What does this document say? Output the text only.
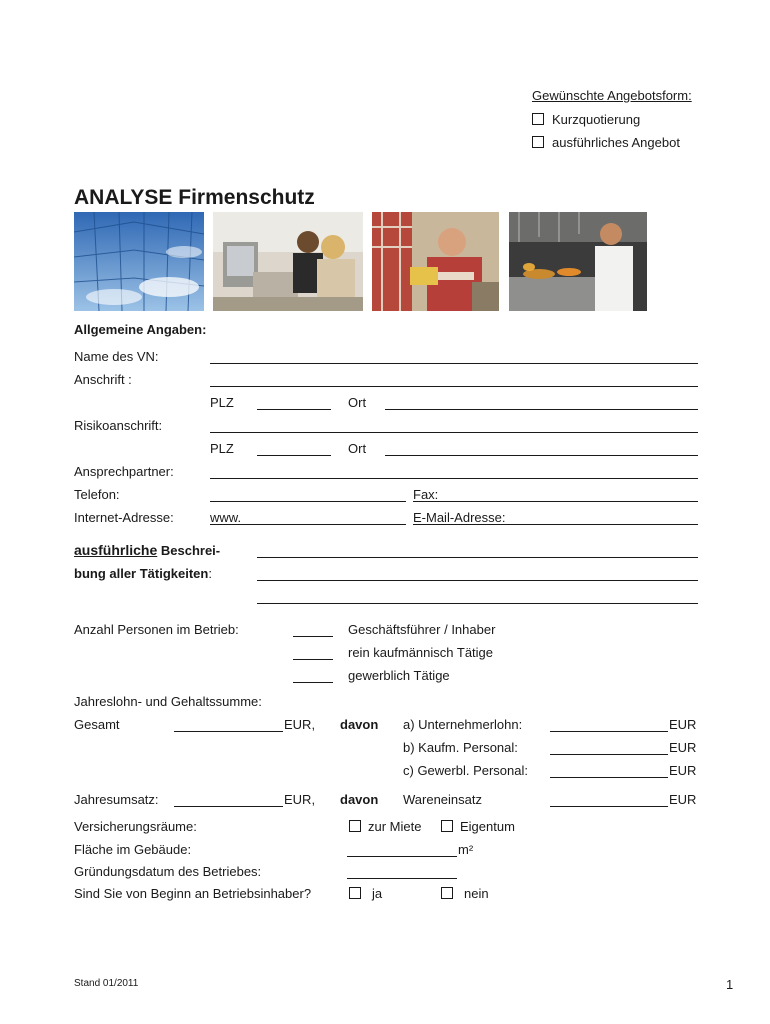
Gewünschte Angebotsform:
Kurzquotierung
ausführliches Angebot
ANALYSE Firmenschutz
Allgemeine Angaben:
Name des VN:
Anschrift :
PLZ	Ort
Risikoanschrift:
PLZ	Ort
Ansprechpartner:
Telefon:	Fax:
Internet-Adresse:	www.	E-Mail-Adresse:
ausführliche Beschrei-
bung aller Tätigkeiten:
Anzahl Personen im Betrieb:	Geschäftsführer / Inhaber
rein kaufmännisch Tätige
gewerblich Tätige
Jahreslohn- und Gehaltssumme:
Gesamt	EUR, davon a) Unternehmerlohn:	EUR
b) Kaufm. Personal:	EUR
c) Gewerbl. Personal:	EUR
Jahresumsatz:	EUR, davon Wareneinsatz	EUR
Versicherungsräume:	zur Miete	Eigentum
Fläche im Gebäude:	m²
Gründungsdatum des Betriebes:
Sind Sie von Beginn an Betriebsinhaber?	ja	nein
Stand 01/2011	1
